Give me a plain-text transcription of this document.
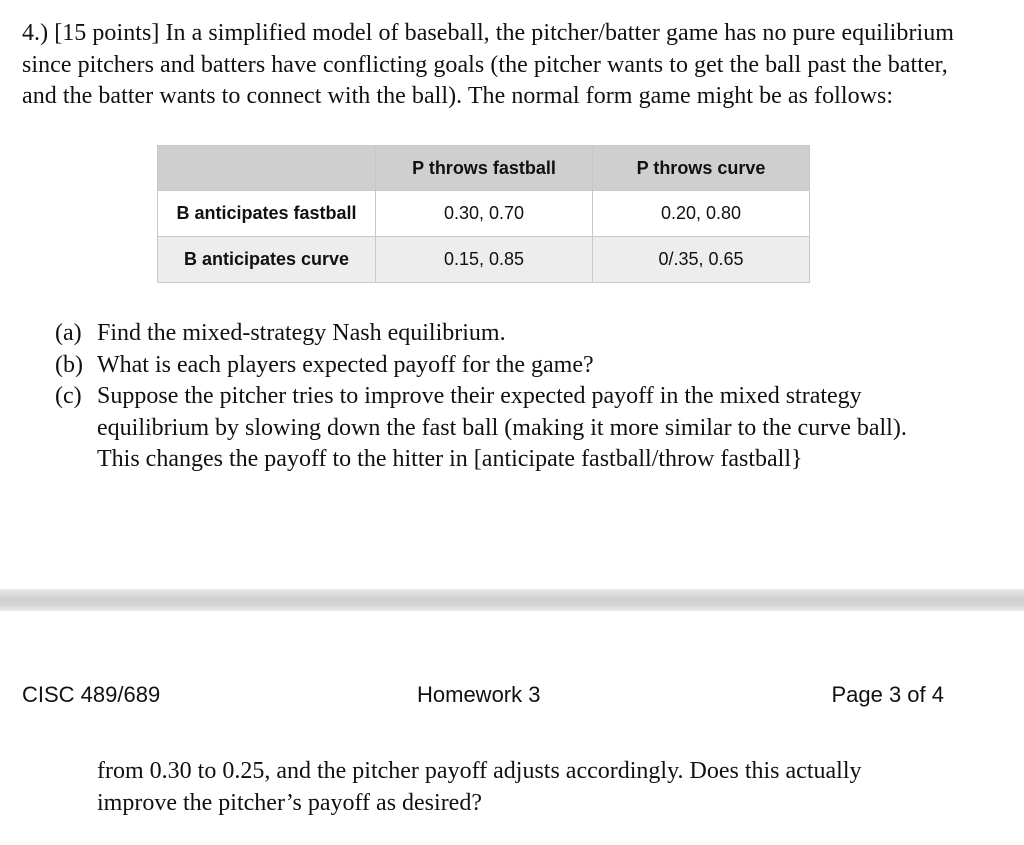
4.) [15 points] In a simplified model of baseball, the pitcher/batter game has no pure equilibrium since pitchers and batters have conflicting goals (the pitcher wants to get the ball past the batter, and the batter wants to connect with the ball). The normal form game might be as follows:

	P throws fastball	P throws curve
B anticipates fastball	0.30, 0.70	0.20, 0.80
B anticipates curve	0.15, 0.85	0/.35, 0.65
(a) Find the mixed-strategy Nash equilibrium.
(b) What is each players expected payoff for the game?
(c) Suppose the pitcher tries to improve their expected payoff in the mixed strategy equilibrium by slowing down the fast ball (making it more similar to the curve ball). This changes the payoff to the hitter in [anticipate fastball/throw fastball}
CISC 489/689	Homework 3	Page 3 of 4

from 0.30 to 0.25, and the pitcher payoff adjusts accordingly. Does this actually improve the pitcher’s payoff as desired?
